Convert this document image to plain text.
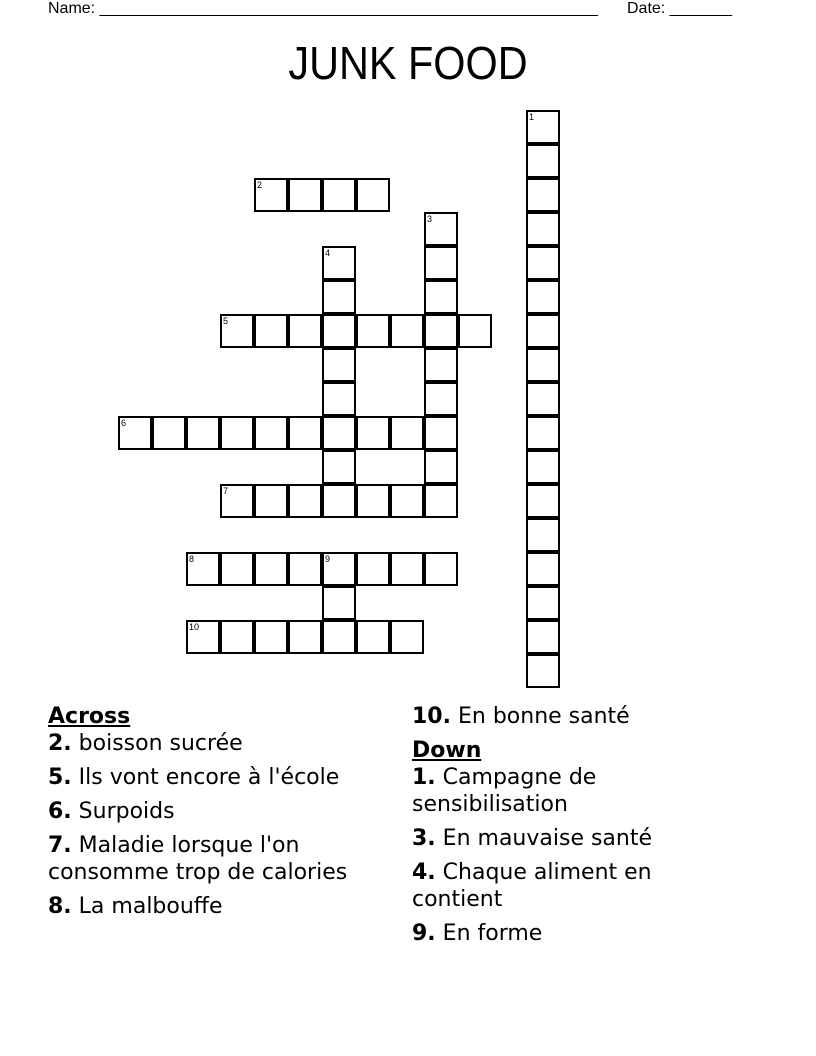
Name: ________________________________________________________ Date: _______
JUNK FOOD
1
2
3
4
5
6
7
8	9
10
Across
2. boisson sucrée
5. Ils vont encore à l'école
6. Surpoids
7. Maladie lorsque l'on consomme trop de calories
8. La malbouffe
10. En bonne santé
Down
1. Campagne de sensibilisation
3. En mauvaise santé
4. Chaque aliment en contient
9. En forme
